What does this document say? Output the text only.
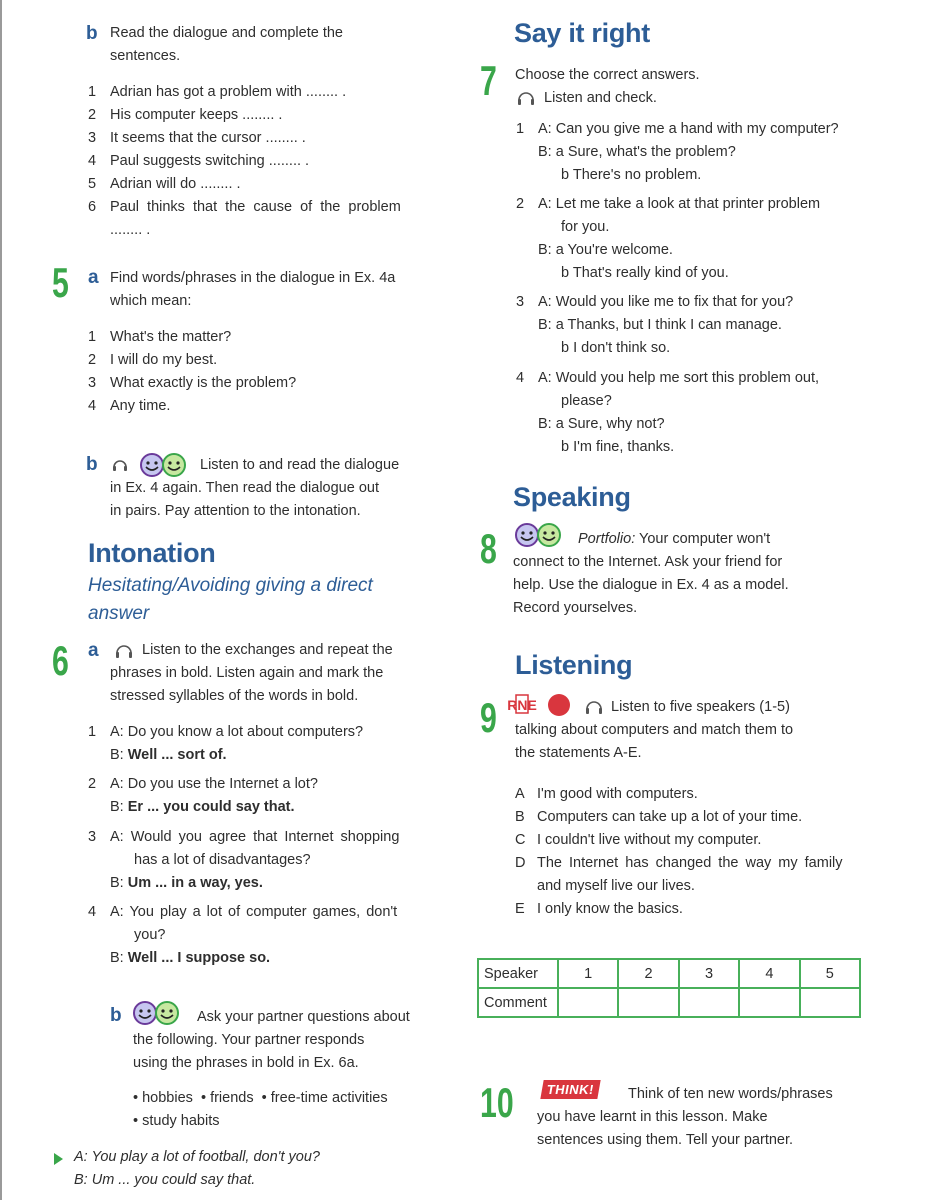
b Read the dialogue and complete the
sentences.
1 Adrian has got a problem with ........ .
2 His computer keeps ........ .
3 It seems that the cursor ........ .
4 Paul suggests switching ........ .
5 Adrian will do ........ .
6 Paul thinks that the cause of the problem
........ .
5 a Find words/phrases in the dialogue in Ex. 4a
which mean:
1 What's the matter?
2 I will do my best.
3 What exactly is the problem?
4 Any time.
b	Listen to and read the dialogue
in Ex. 4 again. Then read the dialogue out
in pairs. Pay attention to the intonation.
Intonation
Hesitating/Avoiding giving a direct
answer
6 a	Listen to the exchanges and repeat the
phrases in bold. Listen again and mark the
stressed syllables of the words in bold.
1 A: Do you know a lot about computers?
B: Well ... sort of.
2 A: Do you use the Internet a lot?
B: Er ... you could say that.
3 A: Would you agree that Internet shopping
has a lot of disadvantages?
B: Um ... in a way, yes.
4 A: You play a lot of computer games, don't
you?
B: Well ... I suppose so.
b	Ask your partner questions about
the following. Your partner responds
using the phrases in bold in Ex. 6a.
• hobbies • friends • free-time activities
• study habits
A: You play a lot of football, don't you?
B: Um ... you could say that.
Say it right
7 Choose the correct answers.
Listen and check.
1 A: Can you give me a hand with my computer?
B: a Sure, what's the problem?
b There's no problem.
2 A: Let me take a look at that printer problem
for you.
B: a You're welcome.
b That's really kind of you.
3 A: Would you like me to fix that for you?
B: a Thanks, but I think I can manage.
b I don't think so.
4 A: Would you help me sort this problem out,
please?
B: a Sure, why not?
b I'm fine, thanks.
Speaking
8	Portfolio: Your computer won't
connect to the Internet. Ask your friend for
help. Use the dialogue in Ex. 4 as a model.
Record yourselves.
Listening
9 RNE	Listen to five speakers (1-5)
talking about computers and match them to
the statements A-E.
A I'm good with computers.
B Computers can take up a lot of your time.
C I couldn't live without my computer.
D The Internet has changed the way my family
and myself live our lives.
E I only know the basics.
Speaker	1	2	3	4	5
Comment					
10 THINK! Think of ten new words/phrases
you have learnt in this lesson. Make
sentences using them. Tell your partner.
